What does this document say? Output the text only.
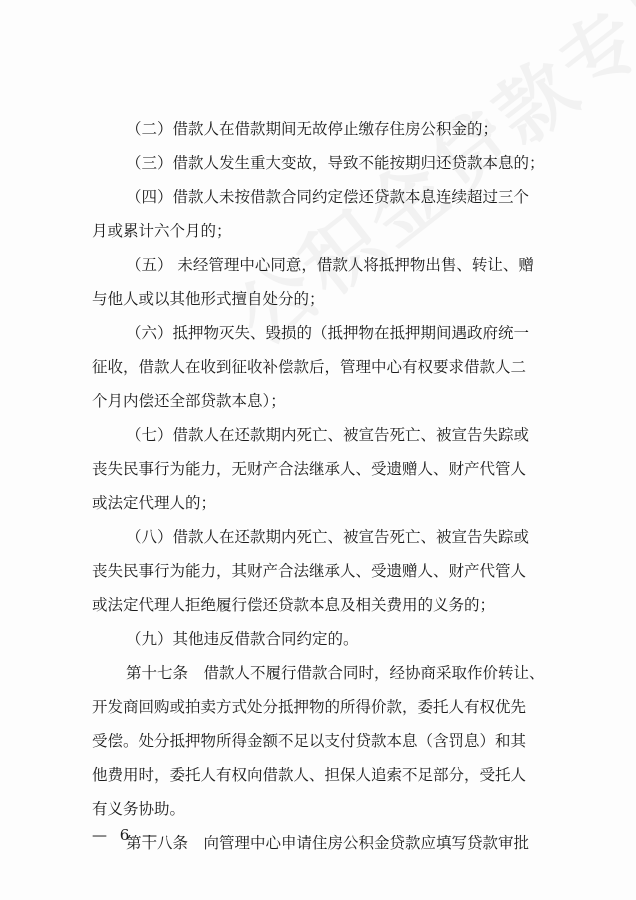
（二）借款人在借款期间无故停止缴存住房公积金的；
（三）借款人发生重大变故，导致不能按期归还贷款本息的；
（四）借款人未按借款合同约定偿还贷款本息连续超过三个
月或累计六个月的；
（五） 未经管理中心同意，借款人将抵押物出售、转让、赠
与他人或以其他形式擅自处分的；
（六）抵押物灭失、毁损的（抵押物在抵押期间遇政府统一
征收，借款人在收到征收补偿款后，管理中心有权要求借款人二
个月内偿还全部贷款本息）；
（七）借款人在还款期内死亡、被宣告死亡、被宣告失踪或
丧失民事行为能力，无财产合法继承人、受遗赠人、财产代管人
或法定代理人的；
（八）借款人在还款期内死亡、被宣告死亡、被宣告失踪或
丧失民事行为能力，其财产合法继承人、受遗赠人、财产代管人
或法定代理人拒绝履行偿还贷款本息及相关费用的义务的；
（九）其他违反借款合同约定的。
第十七条　借款人不履行借款合同时，经协商采取作价转让、
开发商回购或拍卖方式处分抵押物的所得价款，委托人有权优先
受偿。处分抵押物所得金额不足以支付贷款本息（含罚息）和其
他费用时，委托人有权向借款人、担保人追索不足部分，受托人
有义务协助。
第十八条　向管理中心申请住房公积金贷款应填写贷款审批
— 6 —
